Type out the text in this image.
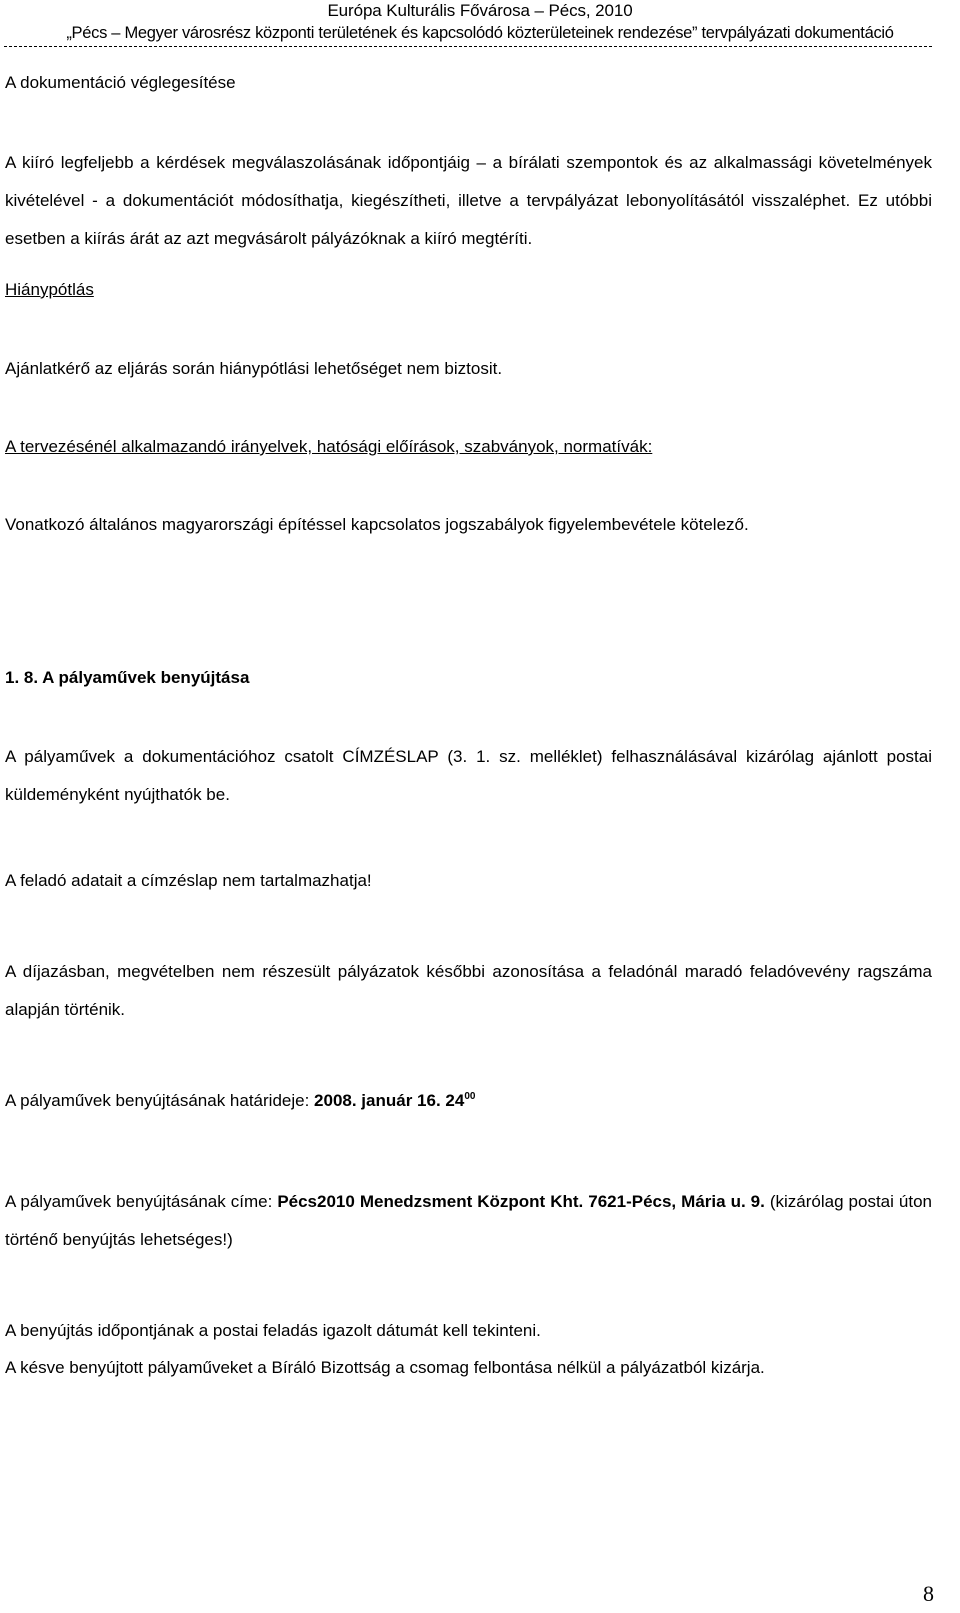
Európa Kulturális Fővárosa – Pécs, 2010
„Pécs – Megyer városrész központi területének és kapcsolódó közterületeinek rendezése” tervpályázati dokumentáció

A dokumentáció véglegesítése

A kiíró legfeljebb a kérdések megválaszolásának időpontjáig – a bírálati szempontok és az alkalmassági követelmények kivételével - a dokumentációt módosíthatja, kiegészítheti, illetve a tervpályázat lebonyolításától visszaléphet. Ez utóbbi esetben a kiírás árát az azt megvásárolt pályázóknak a kiíró megtéríti.

Hiánypótlás

Ajánlatkérő az eljárás során hiánypótlási lehetőséget nem biztosit.

A tervezésénél alkalmazandó irányelvek, hatósági előírások, szabványok, normatívák:

Vonatkozó általános magyarországi építéssel kapcsolatos jogszabályok figyelembevétele kötelező.

1. 8. A pályaművek benyújtása

A pályaművek a dokumentációhoz csatolt CÍMZÉSLAP (3. 1. sz. melléklet) felhasználásával kizárólag ajánlott postai küldeményként nyújthatók be.

A feladó adatait a címzéslap nem tartalmazhatja!

A díjazásban, megvételben nem részesült pályázatok későbbi azonosítása a feladónál maradó feladóvevény ragszáma alapján történik.

A pályaművek benyújtásának határideje: 2008. január 16. $24^{00}$

A pályaművek benyújtásának címe: Pécs2010 Menedzsment Központ Kht. 7621-Pécs, Mária u. 9. (kizárólag postai úton történő benyújtás lehetséges!)

A benyújtás időpontjának a postai feladás igazolt dátumát kell tekinteni.

A késve benyújtott pályaműveket a Bíráló Bizottság a csomag felbontása nélkül a pályázatból kizárja.

8
